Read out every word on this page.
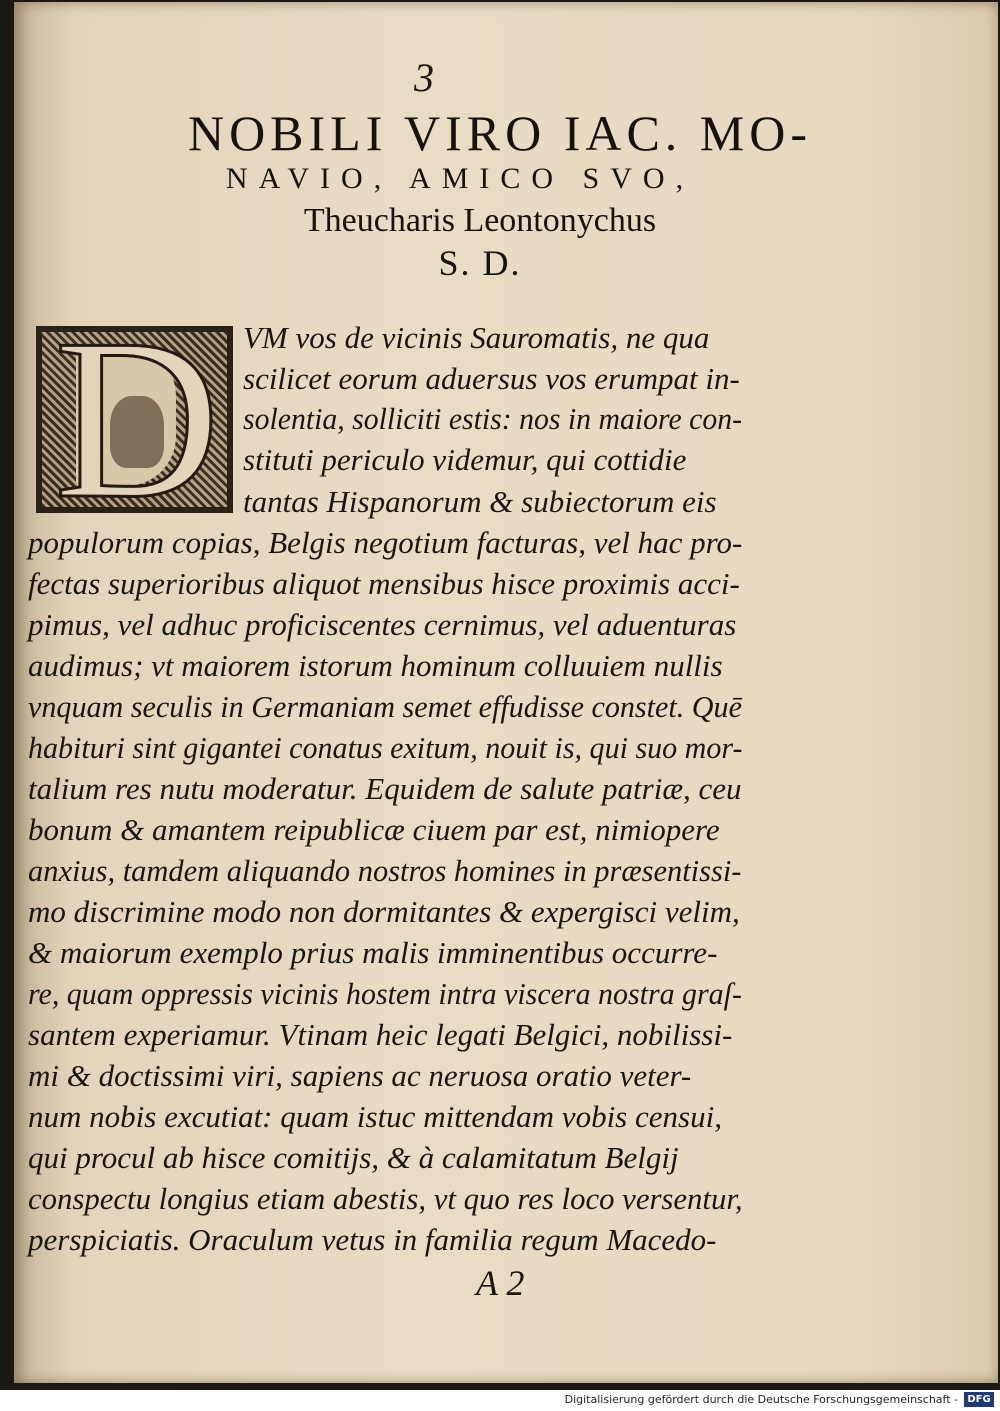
3
NOBILI VIRO IAC. MO-
NAVIO, AMICO SVO,
Theucharis Leontonychus
S. D.
D VM vos de vicinis Sauromatis, ne qua
scilicet eorum aduersus vos erumpat in-
solentia, solliciti estis: nos in maiore con-
stituti periculo videmur, qui cottidie
tantas Hispanorum & subiectorum eis
populorum copias, Belgis negotium facturas, vel hac pro-
fectas superioribus aliquot mensibus hisce proximis acci-
pimus, vel adhuc proficiscentes cernimus, vel aduenturas
audimus; vt maiorem istorum hominum colluuiem nullis
vnquam seculis in Germaniam semet effudisse constet. Quē
habituri sint gigantei conatus exitum, nouit is, qui suo mor-
talium res nutu moderatur. Equidem de salute patriæ, ceu
bonum & amantem reipublicæ ciuem par est, nimiopere
anxius, tamdem aliquando nostros homines in præsentissi-
mo discrimine modo non dormitantes & expergisci velim,
& maiorum exemplo prius malis imminentibus occurre-
re, quam oppressis vicinis hostem intra viscera nostra graſ-
santem experiamur. Vtinam heic legati Belgici, nobilissi-
mi & doctissimi viri, sapiens ac neruosa oratio veter-
num nobis excutiat: quam istuc mittendam vobis censui,
qui procul ab hisce comitijs, & à calamitatum Belgij
conspectu longius etiam abestis, vt quo res loco versentur,
perspiciatis. Oraculum vetus in familia regum Macedo-
A 2
Digitalisierung gefördert durch die Deutsche Forschungsgemeinschaft - DFG
